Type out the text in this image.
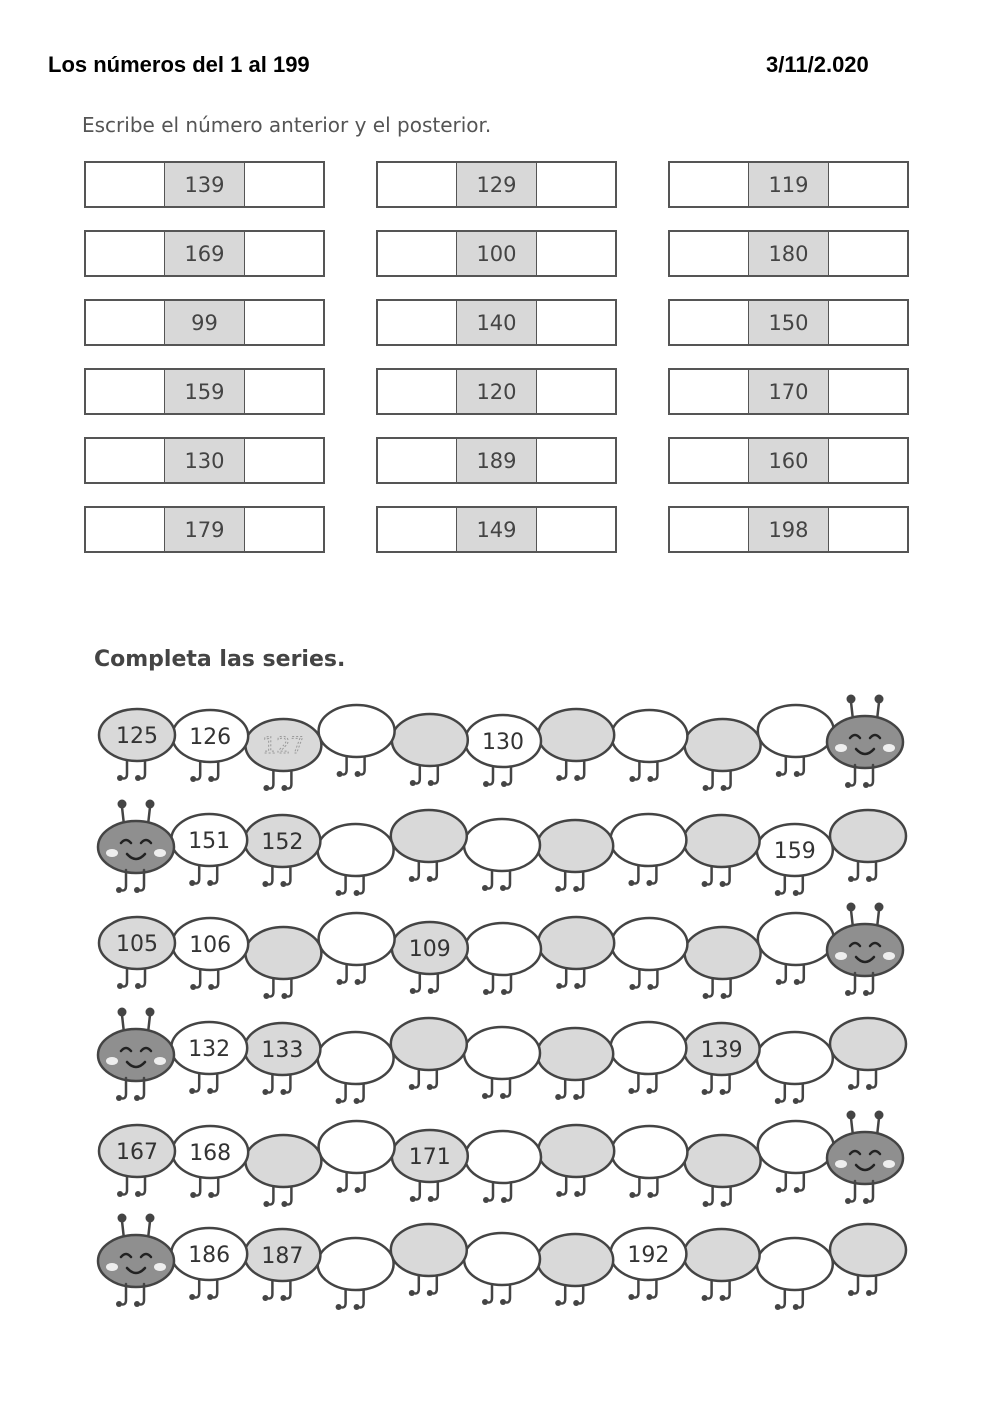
Los números del 1 al 199	3/11/2.020
Escribe el número anterior y el posterior.
139	129	119
169	100	180
99	140	150
159	120	170
130	189	160
179	149	198
Completa las series.
130
127
126
125
159
152
151
109
106
105
139
133
132
171
168
167
192
187
186
